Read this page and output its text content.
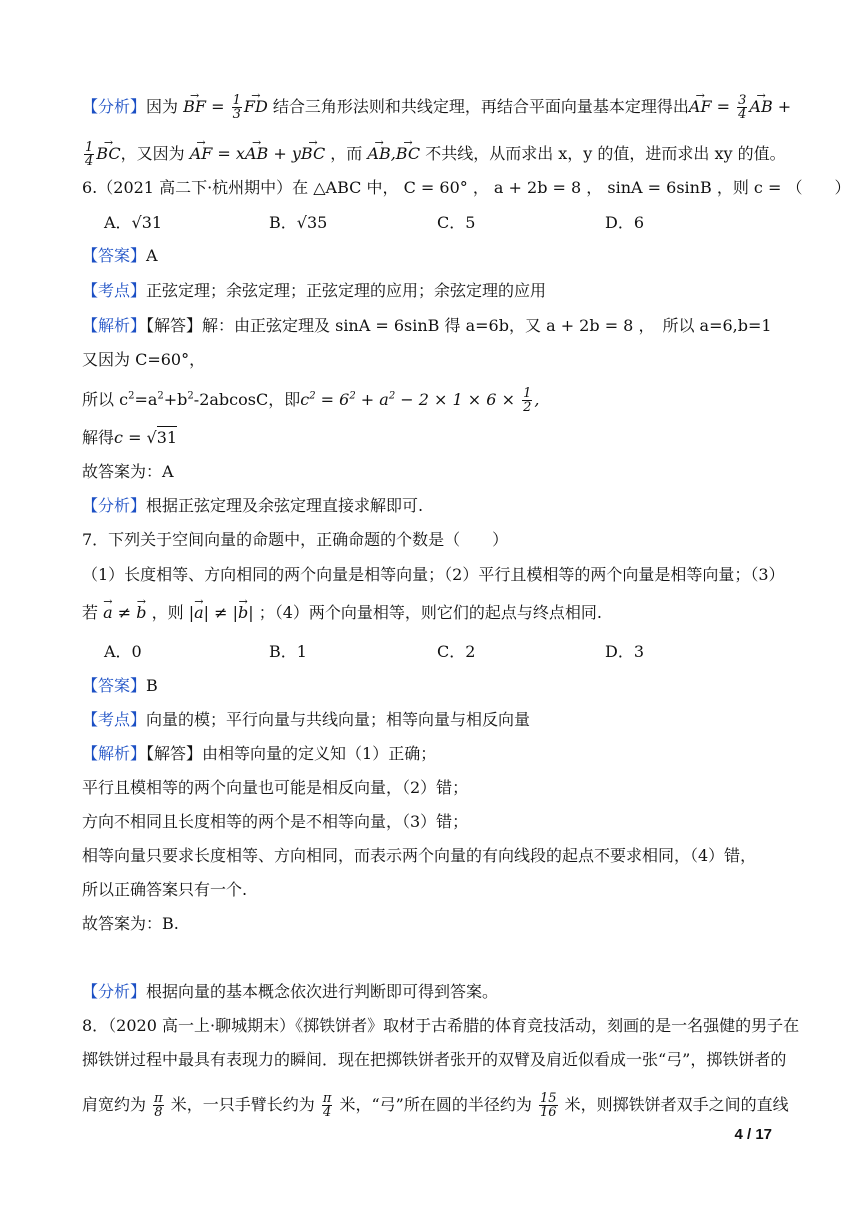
【分析】因为 → BF = $\frac{1}{3}$ → FD 结合三角形法则和共线定理，再结合平面向量基本定理得出→ AF = $\frac{3}{4}$ → AB +
$\frac{1}{4}$ → BC，又因为 → AF = x→ AB + y→ BC ，而 → AB,→ BC 不共线，从而求出 x，y 的值，进而求出 xy 的值。
6.（2021 高二下·杭州期中）在 △ABC 中， C = 60° ， a + 2b = 8 ， sinA = 6sinB ，则 c = （　　）
A．√31	B．√35	C．5	D．6
【答案】A
【考点】正弦定理；余弦定理；正弦定理的应用；余弦定理的应用
【解析】【解答】解：由正弦定理及 sinA = 6sinB 得 a=6b，又 a + 2b = 8 ，　所以 a=6,b=1
又因为 C=60°，
所以 $c^2=a^2+b^2-2abcosC$，即$c^2 = 6^2 + a^2 - 2 \times 1 \times 6 \times \frac{1}{2}$ ,
解得c = √31
故答案为：A
【分析】根据正弦定理及余弦定理直接求解即可.
7．下列关于空间向量的命题中，正确命题的个数是（　　）
（1）长度相等、方向相同的两个向量是相等向量；（2）平行且模相等的两个向量是相等向量；（3）
若 → a ≠ → b ，则 |→ a| ≠ |→ b| ；（4）两个向量相等，则它们的起点与终点相同.
A．0	B．1	C．2	D．3
【答案】B
【考点】向量的模；平行向量与共线向量；相等向量与相反向量
【解析】【解答】由相等向量的定义知（1）正确；
平行且模相等的两个向量也可能是相反向量，（2）错；
方向不相同且长度相等的两个是不相等向量，（3）错；
相等向量只要求长度相等、方向相同，而表示两个向量的有向线段的起点不要求相同，（4）错，
所以正确答案只有一个.
故答案为：B.
【分析】根据向量的基本概念依次进行判断即可得到答案。
8．（2020 高一上·聊城期末）《掷铁饼者》取材于古希腊的体育竞技活动，刻画的是一名强健的男子在
掷铁饼过程中最具有表现力的瞬间．现在把掷铁饼者张开的双臂及肩近似看成一张“弓”，掷铁饼者的
肩宽约为 $\frac{\pi}{8}$ 米，一只手臂长约为 $\frac{\pi}{4}$ 米，“弓”所在圆的半径约为 $\frac{15}{16}$ 米，则掷铁饼者双手之间的直线
4 / 17
